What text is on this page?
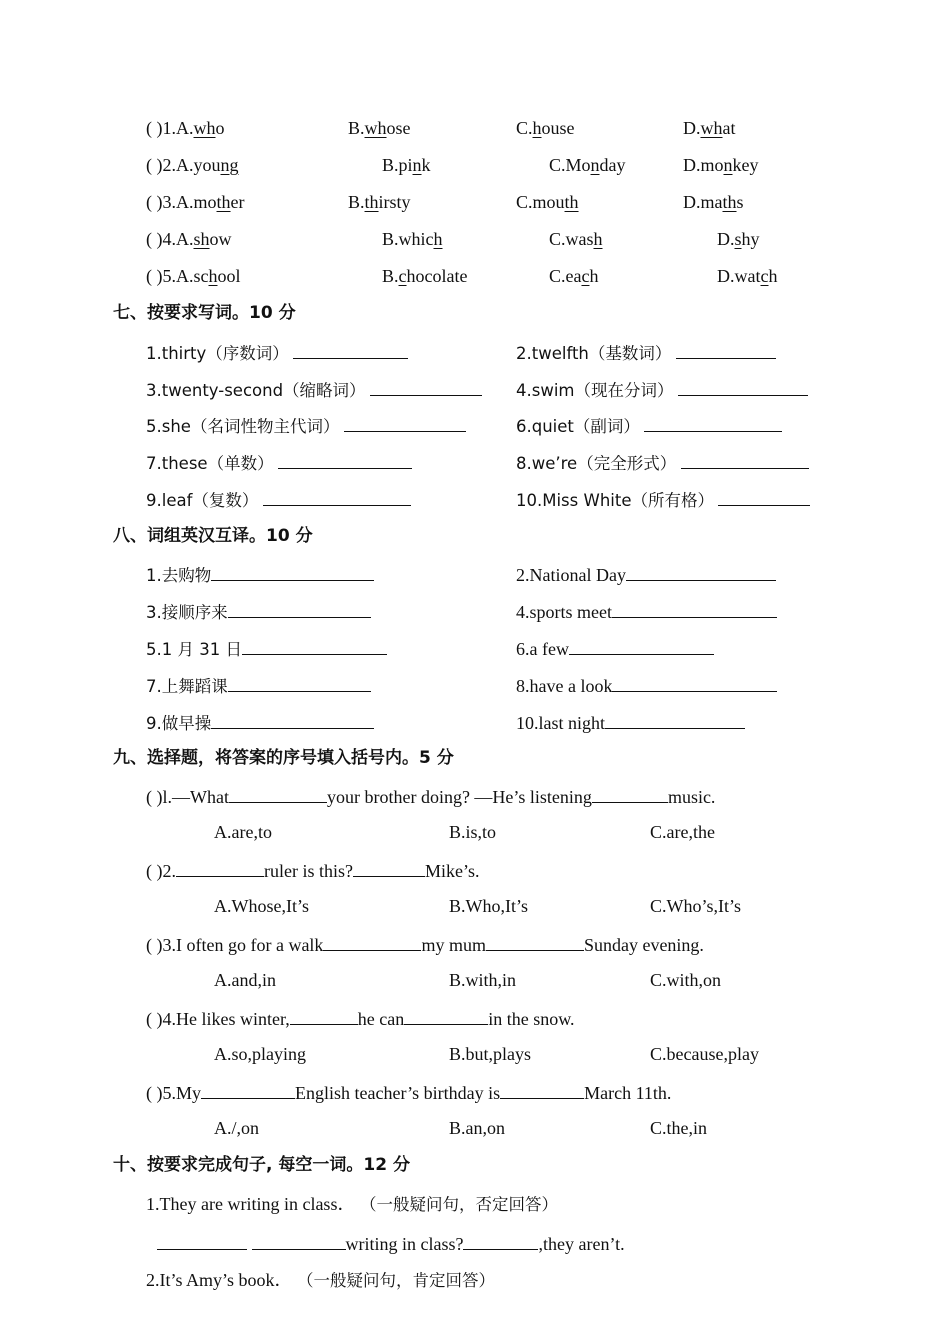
( )1.A.who	B.whose	C.house	D.what
( )2.A.young	B.pink	C.Monday	D.monkey
( )3.A.mother	B.thirsty	C.mouth	D.maths
( )4.A.show	B.which	C.wash	D.shy
( )5.A.school	B.chocolate	C.each	D.watch
七、按要求写词。10 分
1.thirty（序数词）	2.twelfth（基数词）
3.twenty-second（缩略词）	4.swim（现在分词）
5.she（名词性物主代词）	6.quiet（副词）
7.these（单数）	8.we’re（完全形式）
9.leaf（复数）	10.Miss White（所有格）
八、词组英汉互译。10 分
1.去购物	2.National Day
3.接顺序来	4.sports meet
5.1 月 31 日	6.a few
7.上舞蹈课	8.have a look
9.做早操	10.last night
九、选择题，将答案的序号填入括号内。5 分
( )l.—What	your brother doing? —He’s listening	music.
A.are,to	B.is,to	C.are,the
( )2.	ruler is this?	Mike’s.
A.Whose,It’s	B.Who,It’s	C.Who’s,It’s
( )3.I often go for a walk	my mum	Sunday evening.
A.and,in	B.with,in	C.with,on
( )4.He likes winter,	he can	in the snow.
A.so,playing	B.but,plays	C.because,play
( )5.My	English teacher’s birthday is	March 11th.
A./,on	B.an,on	C.the,in
十、按要求完成句子, 每空一词。12 分
1.They are writing in class． （一般疑问句，否定回答）
writing in class?	,they aren’t.
2.It’s Amy’s book． （一般疑问句，肯定回答）
